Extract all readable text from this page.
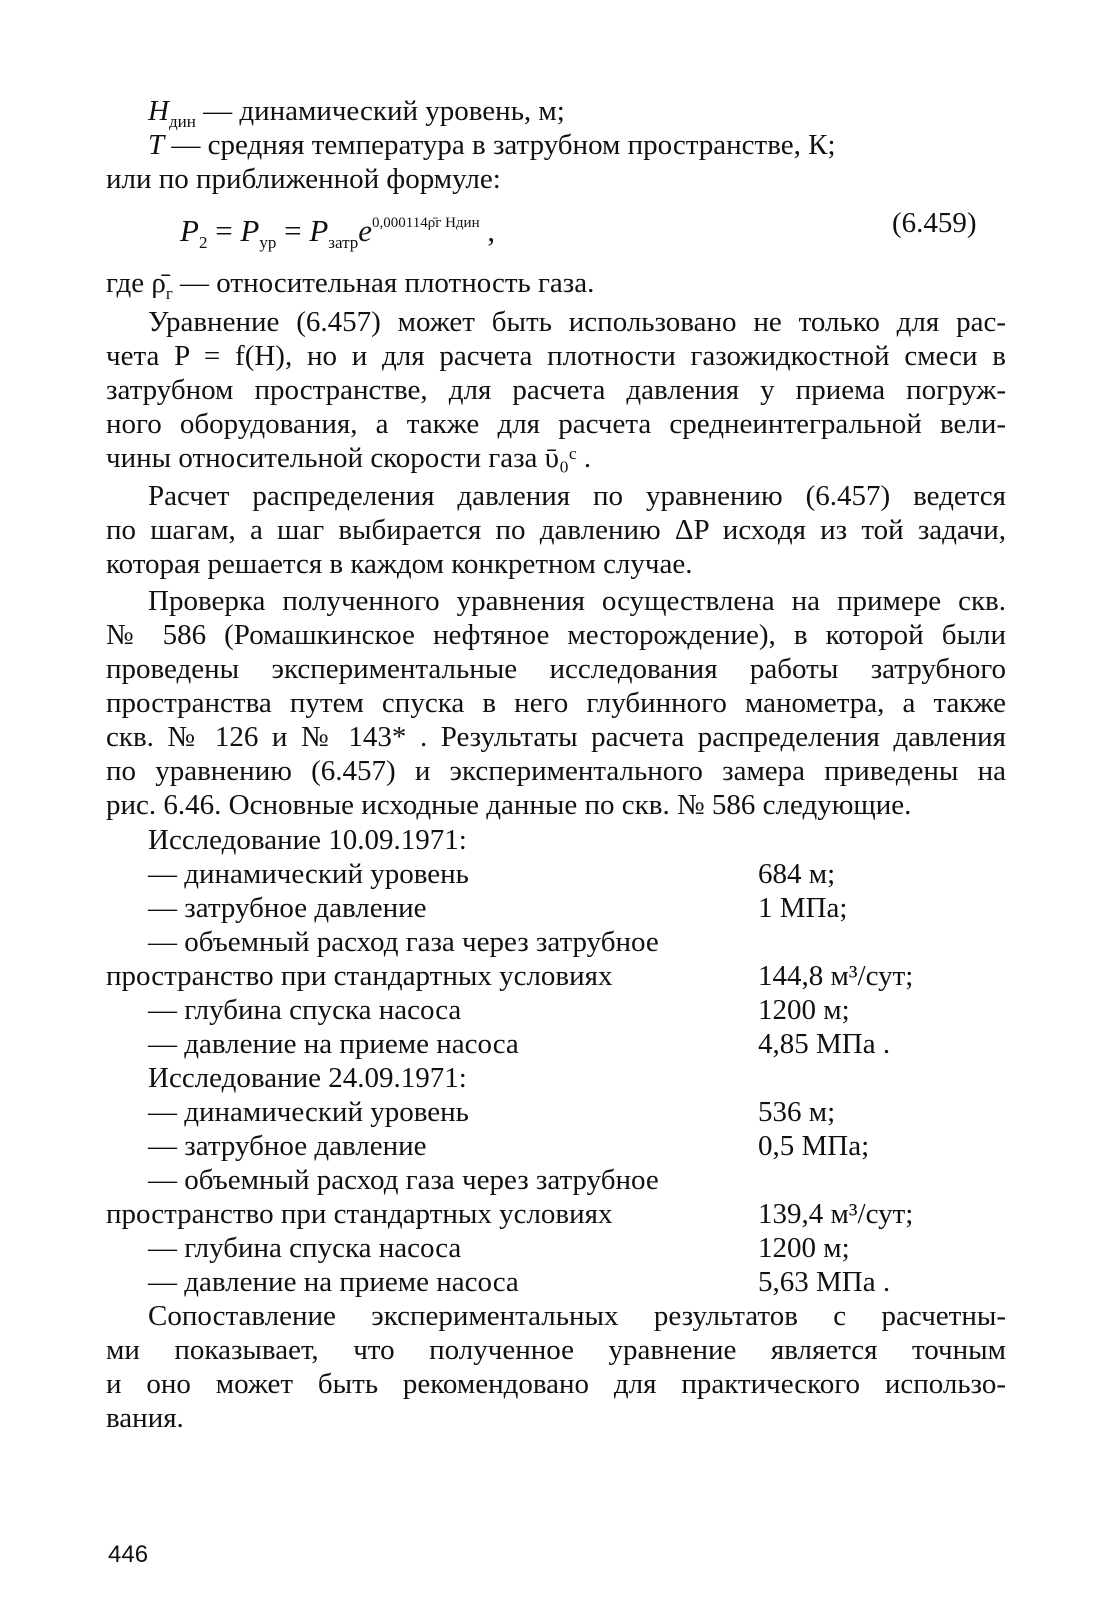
$H_{дин}$ — динамический уровень, м;
T — средняя температура в затрубном пространстве, К;
или по приближенной формуле:
$P_2 = P_{ур} = P_{затр}e^{0,000114\rhōг Hдин}$ ,	(6.459)
где $\rhō_г$ — относительная плотность газа.
Уравнение (6.457) может быть использовано не только для рас-
чета P = f(H), но и для расчета плотности газожидкостной смеси в
затрубном пространстве, для расчета давления у приема погруж-
ного оборудования, а также для расчета среднеинтегральной вели-
чины относительной скорости газа ῡ₀ᶜ .
Расчет распределения давления по уравнению (6.457) ведется
по шагам, а шаг выбирается по давлению ΔP исходя из той задачи,
которая решается в каждом конкретном случае.
Проверка полученного уравнения осуществлена на примере скв.
№ 586 (Ромашкинское нефтяное месторождение), в которой были
проведены экспериментальные исследования работы затрубного
пространства путем спуска в него глубинного манометра, а также
скв. № 126 и № 143* . Результаты расчета распределения давления
по уравнению (6.457) и экспериментального замера приведены на
рис. 6.46. Основные исходные данные по скв. № 586 следующие.
Исследование 10.09.1971:
— динамический уровень	684 м;
— затрубное давление	1 МПа;
— объемный расход газа через затрубное
пространство при стандартных условиях	144,8 м³/сут;
— глубина спуска насоса	1200 м;
— давление на приеме насоса	4,85 МПа .
Исследование 24.09.1971:
— динамический уровень	536 м;
— затрубное давление	0,5 МПа;
— объемный расход газа через затрубное
пространство при стандартных условиях	139,4 м³/сут;
— глубина спуска насоса	1200 м;
— давление на приеме насоса	5,63 МПа .
Сопоставление экспериментальных результатов с расчетны-
ми показывает, что полученное уравнение является точным
и оно может быть рекомендовано для практического использо-
вания.
446
